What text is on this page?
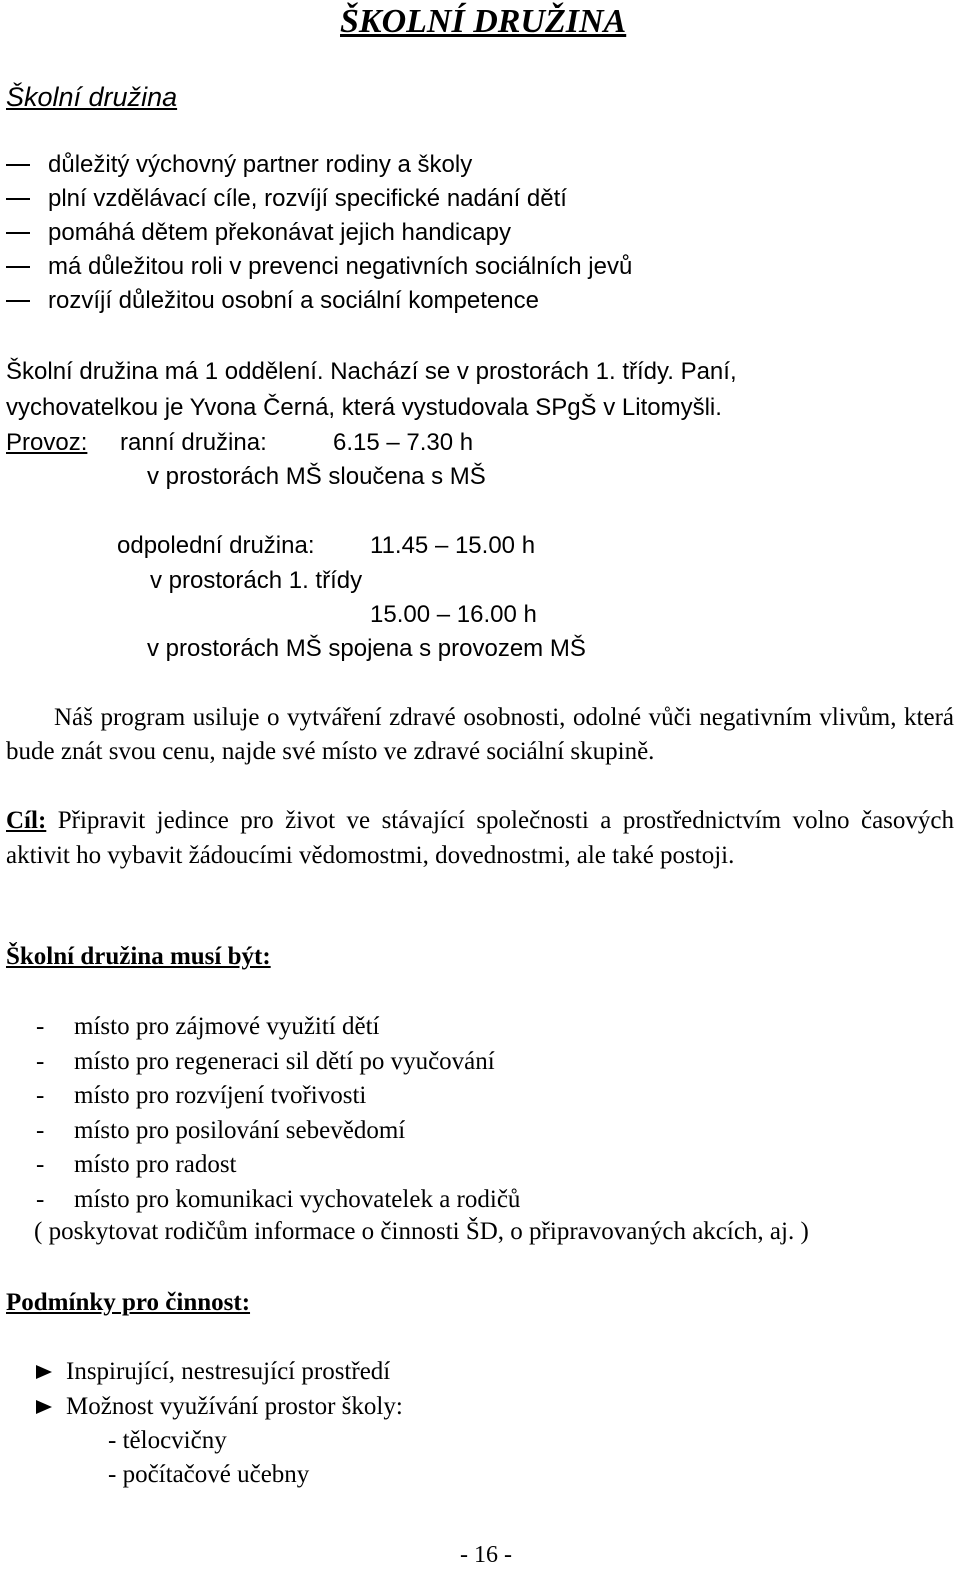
ŠKOLNÍ DRUŽINA
Školní družina
důležitý výchovný partner rodiny a školy
plní vzdělávací cíle, rozvíjí specifické nadání dětí
pomáhá dětem překonávat jejich handicapy
má důležitou roli v prevenci negativních sociálních jevů
rozvíjí důležitou osobní a sociální kompetence
Školní družina má 1 oddělení. Nachází se v prostorách 1. třídy. Paní,
vychovatelkou je Yvona Černá, která vystudovala SPgŠ v Litomyšli.
Provoz: ranní družina:	6.15 – 7.30 h
v prostorách MŠ sloučena s MŠ
odpolední družina: 11.45 – 15.00 h
v prostorách 1. třídy
15.00 – 16.00 h
v prostorách MŠ spojena s provozem MŠ
Náš program usiluje o vytváření zdravé osobnosti, odolné vůči negativním vlivům, která bude znát svou cenu, najde své místo ve zdravé sociální skupině.
Cíl: Připravit jedince pro život ve stávající společnosti a prostřednictvím volno časových aktivit ho vybavit žádoucími vědomostmi, dovednostmi, ale také postoji.
Školní družina musí být:
- místo pro zájmové využití dětí
- místo pro regeneraci sil dětí po vyučování
- místo pro rozvíjení tvořivosti
- místo pro posilování sebevědomí
- místo pro radost
- místo pro komunikaci vychovatelek a rodičů
( poskytovat rodičům informace o činnosti ŠD, o připravovaných akcích, aj. )
Podmínky pro činnost:
Inspirující, nestresující prostředí
Možnost využívání prostor školy:
- tělocvičny
- počítačové učebny
- 16 -
